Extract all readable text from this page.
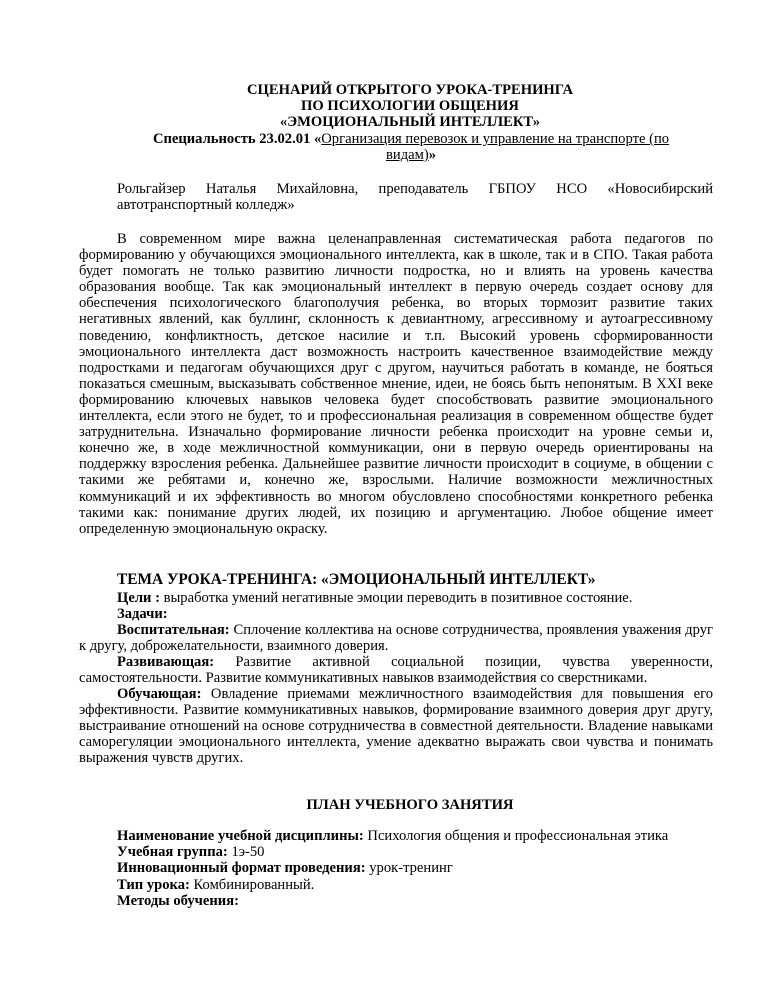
СЦЕНАРИЙ ОТКРЫТОГО УРОКА-ТРЕНИНГА
ПО ПСИХОЛОГИИ ОБЩЕНИЯ
«ЭМОЦИОНАЛЬНЫЙ ИНТЕЛЛЕКТ»
Специальность 23.02.01 «Организация перевозок и управление на транспорте (по видам)»
Рольгайзер Наталья Михайловна, преподаватель ГБПОУ НСО «Новосибирский автотранспортный колледж»
В современном мире важна целенаправленная систематическая работа педагогов по формированию у обучающихся эмоционального интеллекта, как в школе, так и в СПО. Такая работа будет помогать не только развитию личности подростка, но и влиять на уровень качества образования вообще. Так как эмоциональный интеллект в первую очередь создает основу для обеспечения психологического благополучия ребенка, во вторых тормозит развитие таких негативных явлений, как буллинг, склонность к девиантному, агрессивному и аутоагрессивному поведению, конфликтность, детское насилие и т.п. Высокий уровень сформированности эмоционального интеллекта даст возможность настроить качественное взаимодействие между подростками и педагогам обучающихся друг с другом, научиться работать в команде, не бояться показаться смешным, высказывать собственное мнение, идеи, не боясь быть непонятым. В XXI веке формированию ключевых навыков человека будет способствовать развитие эмоционального интеллекта, если этого не будет, то и профессиональная реализация в современном обществе будет затруднительна. Изначально формирование личности ребенка происходит на уровне семьи и, конечно же, в ходе межличностной коммуникации, они в первую очередь ориентированы на поддержку взросления ребенка. Дальнейшее развитие личности происходит в социуме, в общении с такими же ребятами и, конечно же, взрослыми. Наличие возможности межличностных коммуникаций и их эффективность во многом обусловлено способностями конкретного ребенка такими как: понимание других людей, их позицию и аргументацию. Любое общение имеет определенную эмоциональную окраску.
ТЕМА УРОКА-ТРЕНИНГА: «ЭМОЦИОНАЛЬНЫЙ ИНТЕЛЛЕКТ»
Цели : выработка умений негативные эмоции переводить в позитивное состояние.
Задачи:
Воспитательная: Сплочение коллектива на основе сотрудничества, проявления уважения друг к другу, доброжелательности, взаимного доверия.
Развивающая: Развитие активной социальной позиции, чувства уверенности, самостоятельности. Развитие коммуникативных навыков взаимодействия со сверстниками.
Обучающая: Овладение приемами межличностного взаимодействия для повышения его эффективности. Развитие коммуникативных навыков, формирование взаимного доверия друг другу, выстраивание отношений на основе сотрудничества в совместной деятельности. Владение навыками саморегуляции эмоционального интеллекта, умение адекватно выражать свои чувства и понимать выражения чувств других.
ПЛАН УЧЕБНОГО ЗАНЯТИЯ
Наименование учебной дисциплины: Психология общения и профессиональная этика
Учебная группа: 1э-50
Инновационный формат проведения: урок-тренинг
Тип урока: Комбинированный.
Методы обучения:
